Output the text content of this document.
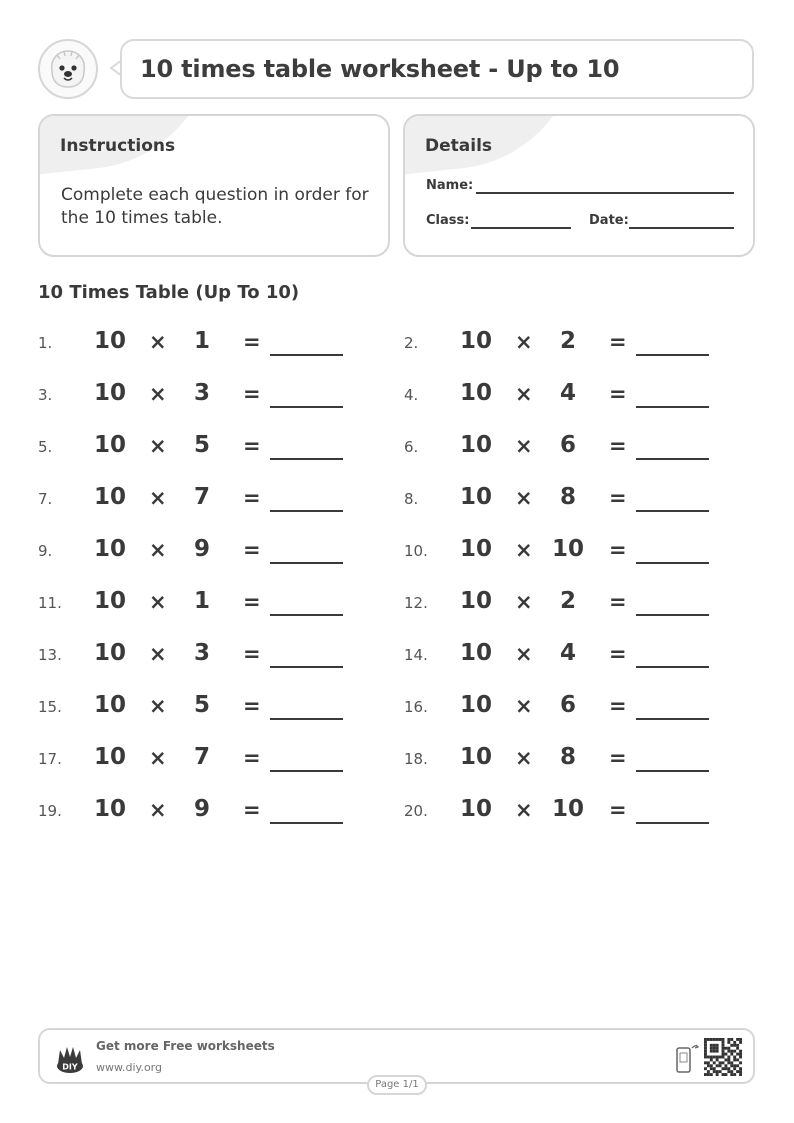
10 times table worksheet - Up to 10
Instructions
Complete each question in order for the 10 times table.
Details
Name:
Class:	Date:
10 Times Table (Up To 10)
1. 10 × 1 =	2. 10 × 2 =
3. 10 × 3 =	4. 10 × 4 =
5. 10 × 5 =	6. 10 × 6 =
7. 10 × 7 =	8. 10 × 8 =
9. 10 × 9 =	10. 10 × 10 =
11. 10 × 1 =	12. 10 × 2 =
13. 10 × 3 =	14. 10 × 4 =
15. 10 × 5 =	16. 10 × 6 =
17. 10 × 7 =	18. 10 × 8 =
19. 10 × 9 =	20. 10 × 10 =
DIY
Get more Free worksheets
www.diy.org
Page 1/1
